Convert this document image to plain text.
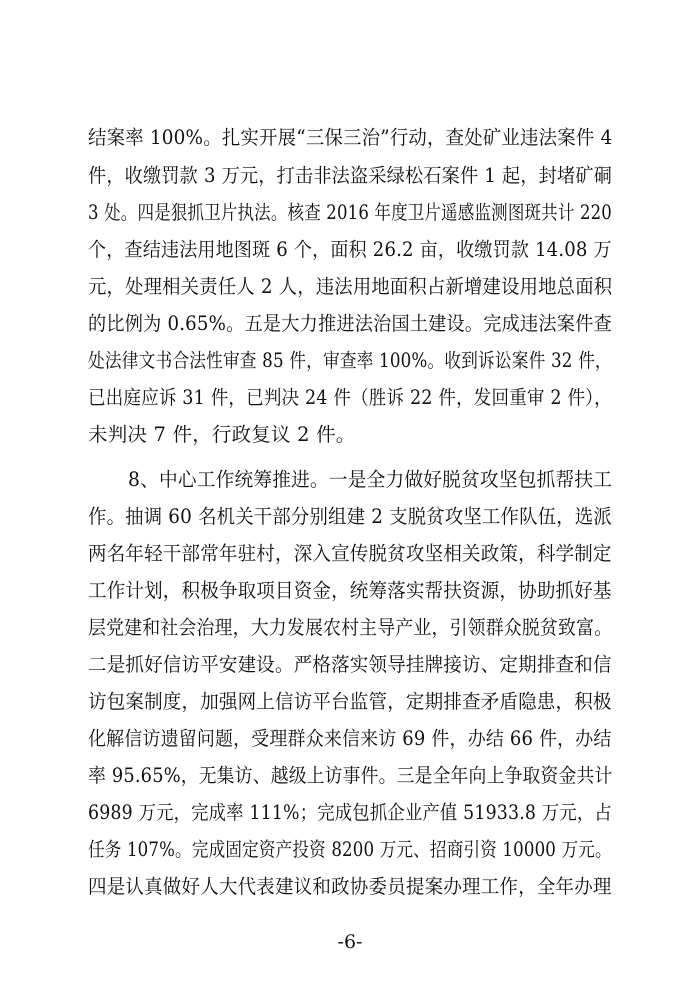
结案率 100%。扎实开展“三保三治”行动，查处矿业违法案件 4
件，收缴罚款 3 万元，打击非法盗采绿松石案件 1 起，封堵矿硐
3 处。四是狠抓卫片执法。核查 2016 年度卫片遥感监测图斑共计 220
个，查结违法用地图斑 6 个，面积 26.2 亩，收缴罚款 14.08 万
元，处理相关责任人 2 人，违法用地面积占新增建设用地总面积
的比例为 0.65%。五是大力推进法治国土建设。完成违法案件查
处法律文书合法性审查 85 件，审查率 100%。收到诉讼案件 32 件，
已出庭应诉 31 件，已判决 24 件（胜诉 22 件，发回重审 2 件），
未判决 7 件，行政复议 2 件。
8、中心工作统筹推进。一是全力做好脱贫攻坚包抓帮扶工
作。抽调 60 名机关干部分别组建 2 支脱贫攻坚工作队伍，选派
两名年轻干部常年驻村，深入宣传脱贫攻坚相关政策，科学制定
工作计划，积极争取项目资金，统筹落实帮扶资源，协助抓好基
层党建和社会治理，大力发展农村主导产业，引领群众脱贫致富。
二是抓好信访平安建设。严格落实领导挂牌接访、定期排查和信
访包案制度，加强网上信访平台监管，定期排查矛盾隐患，积极
化解信访遗留问题，受理群众来信来访 69 件，办结 66 件，办结
率 95.65%，无集访、越级上访事件。三是全年向上争取资金共计
6989 万元，完成率 111%；完成包抓企业产值 51933.8 万元，占
任务 107%。完成固定资产投资 8200 万元、招商引资 10000 万元。
四是认真做好人大代表建议和政协委员提案办理工作，全年办理
-6-
